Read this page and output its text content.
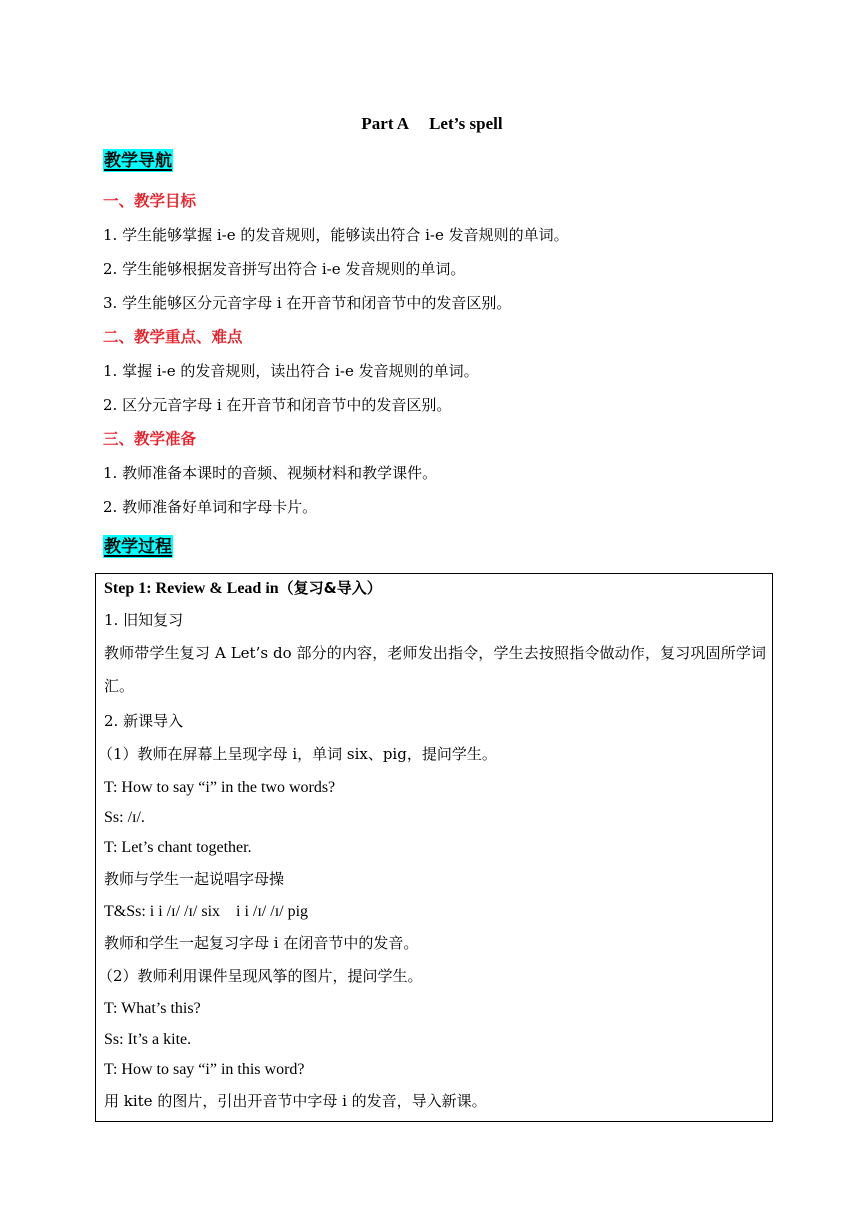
Part A Let’s spell
教学导航
一、教学目标
1. 学生能够掌握 i-e 的发音规则，能够读出符合 i-e 发音规则的单词。
2. 学生能够根据发音拼写出符合 i-e 发音规则的单词。
3. 学生能够区分元音字母 i 在开音节和闭音节中的发音区别。
二、教学重点、难点
1. 掌握 i-e 的发音规则，读出符合 i-e 发音规则的单词。
2. 区分元音字母 i 在开音节和闭音节中的发音区别。
三、教学准备
1. 教师准备本课时的音频、视频材料和教学课件。
2. 教师准备好单词和字母卡片。
教学过程
Step 1: Review & Lead in（复习&导入）
1. 旧知复习
教师带学生复习 A Let’s do 部分的内容，老师发出指令，学生去按照指令做动作，复习巩固所学词汇。
2. 新课导入
（1）教师在屏幕上呈现字母 i，单词 six、pig，提问学生。
T: How to say “i” in the two words?
Ss: /ɪ/.
T: Let’s chant together.
教师与学生一起说唱字母操
T&Ss: i i /ɪ/ /ɪ/ six    i i /ɪ/ /ɪ/ pig
教师和学生一起复习字母 i 在闭音节中的发音。
（2）教师利用课件呈现风筝的图片，提问学生。
T: What’s this?
Ss: It’s a kite.
T: How to say “i” in this word?
用 kite 的图片，引出开音节中字母 i 的发音，导入新课。
